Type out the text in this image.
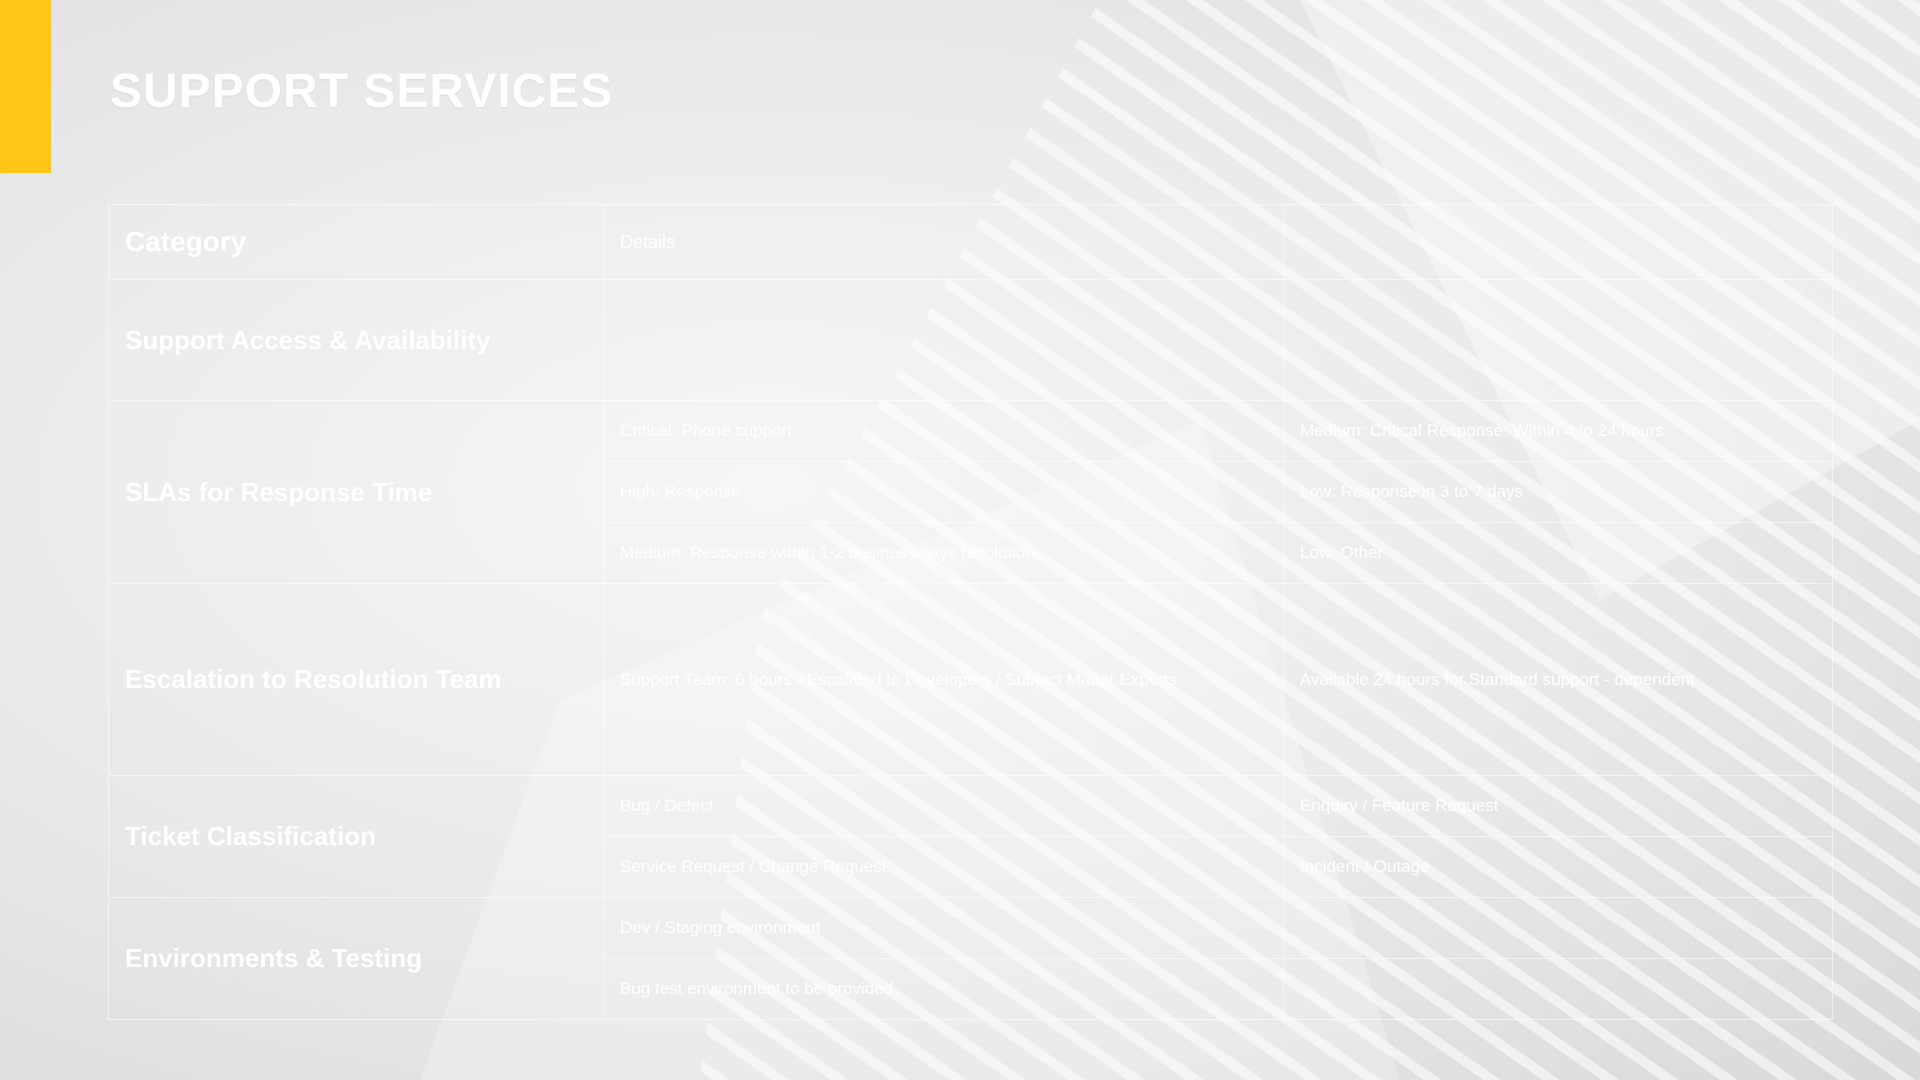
SUPPORT SERVICES
Category	Details	
Support Access & Availability		
SLAs for Response Time	Critical: Phone support	Medium: Critical Response: Within 4 to 24 hours
	High: Response	Low: Response in 3 to 7 days
	Medium: Response within 1-2 business days resolution	Low: Other
Escalation to Resolution Team	Support Team: 6 hours - Escalated to Developers / Subject Matter Experts	Available 24 hours for Standard support - dependent
Ticket Classification	Bug / Defect	Enquiry / Feature Request
	Service Request / Change Request	Incident / Outage
Environments & Testing	Dev / Staging environment	
	Bug test environment to be provided	
